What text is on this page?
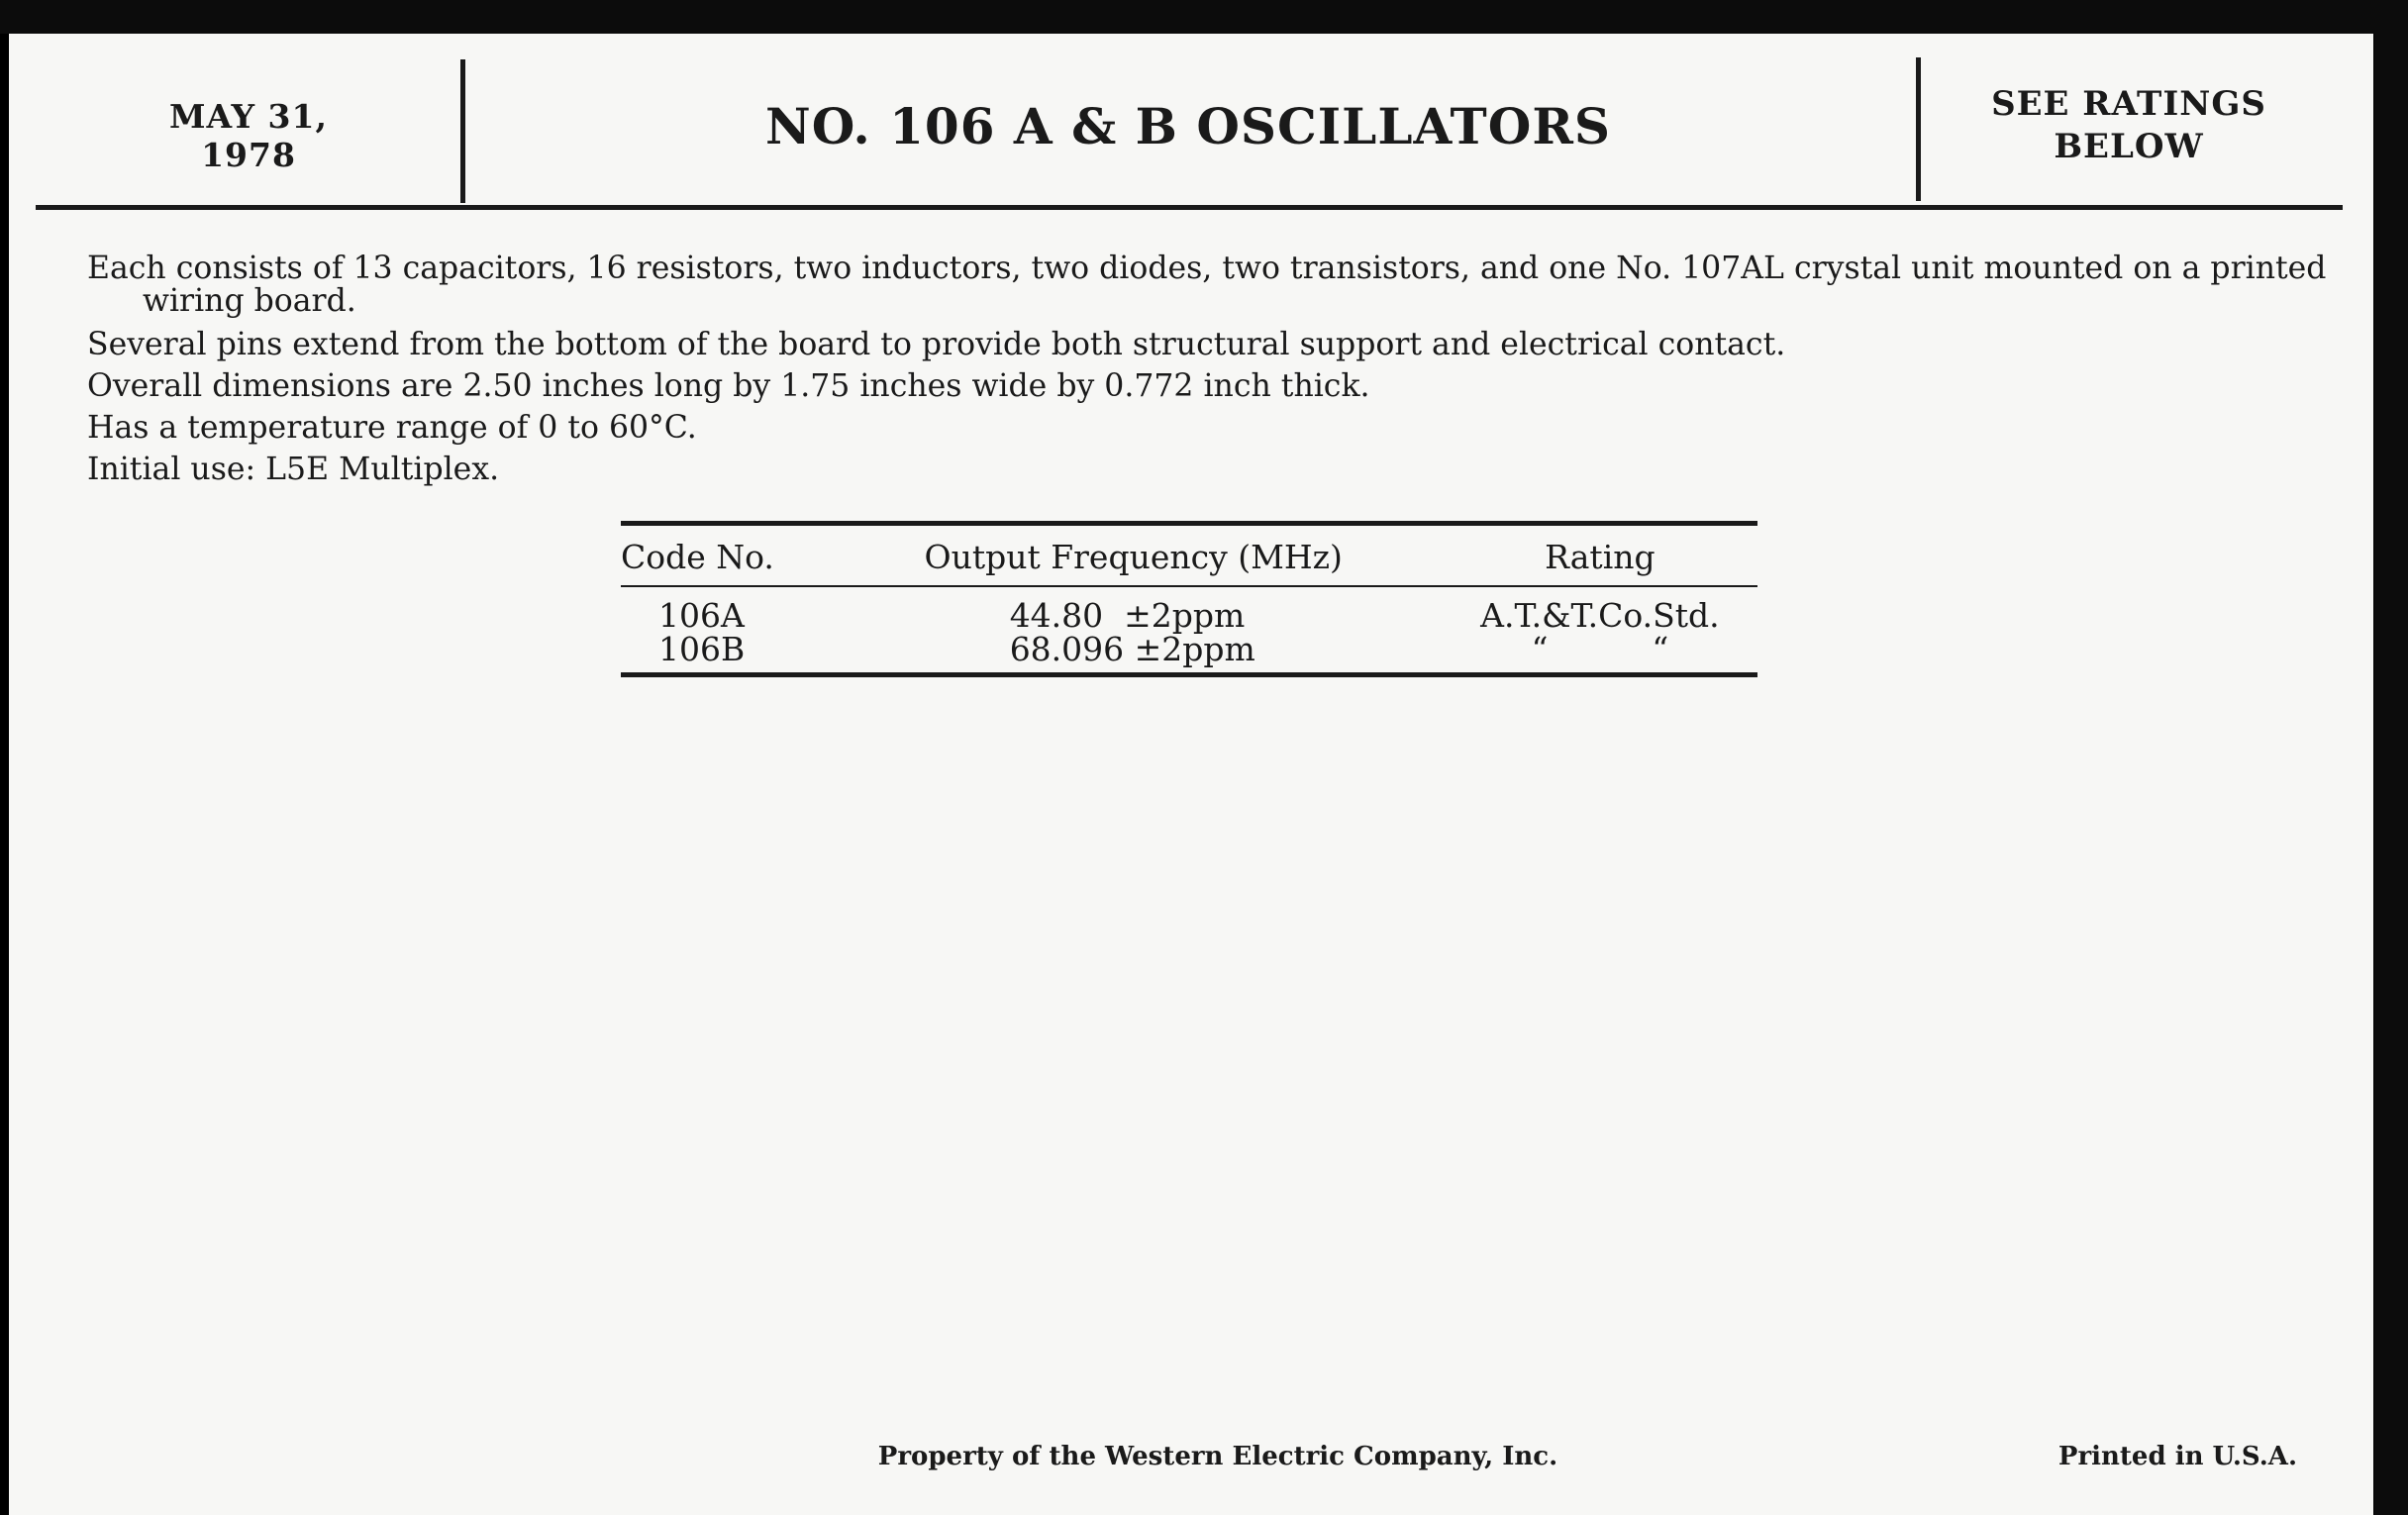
MAY 31, 1978	NO. 106 A & B OSCILLATORS	SEE RATINGS
BELOW

Each consists of 13 capacitors, 16 resistors, two inductors, two diodes, two transistors, and one No. 107AL crystal unit mounted on a printed wiring board.

Several pins extend from the bottom of the board to provide both structural support and electrical contact.

Overall dimensions are 2.50 inches long by 1.75 inches wide by 0.772 inch thick.

Has a temperature range of 0 to 60°C.

Initial use: L5E Multiplex.

Code No.	Output Frequency (MHz)	Rating
106A	44.80  ±2ppm	A.T.&T.Co.Std.
106B	68.096 ±2ppm	“          “
Property of the Western Electric Company, Inc.	Printed in U.S.A.
